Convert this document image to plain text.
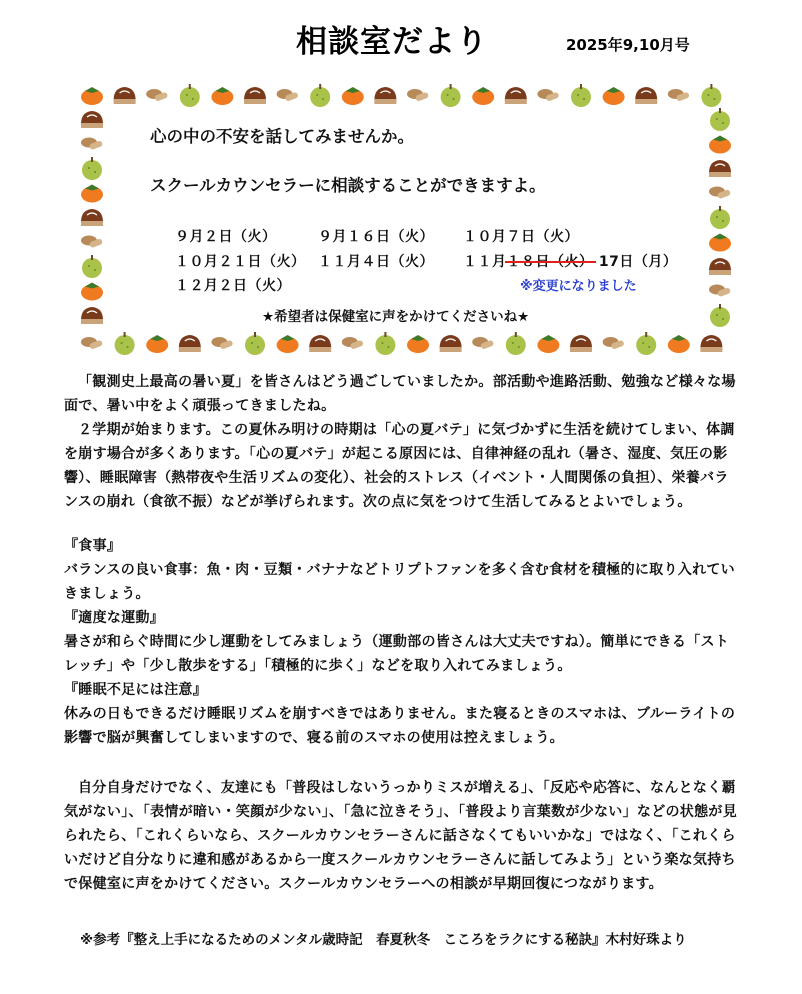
相談室だより	2025年9,10月号
心の中の不安を話してみませんか。
スクールカウンセラーに相談することができますよ。
９月２日（火）	９月１６日（火） １０月７日（火）
１０月２１日（火） １１月４日（火） １１月１８日（火） 17日（月）
１２月２日（火）	※変更になりました
★希望者は保健室に声をかけてくださいね★

「観測史上最高の暑い夏」を皆さんはどう過ごしていましたか。部活動や進路活動、勉強など様々な場面で、暑い中をよく頑張ってきましたね。

２学期が始まります。この夏休み明けの時期は「心の夏バテ」に気づかずに生活を続けてしまい、体調を崩す場合が多くあります。「心の夏バテ」が起こる原因には、自律神経の乱れ（暑さ、湿度、気圧の影響）、睡眠障害（熱帯夜や生活リズムの変化）、社会的ストレス（イベント・人間関係の負担）、栄養バランスの崩れ（食欲不振）などが挙げられます。次の点に気をつけて生活してみるとよいでしょう。

『食事』

バランスの良い食事：魚・肉・豆類・バナナなどトリプトファンを多く含む食材を積極的に取り入れていきましょう。

『適度な運動』

暑さが和らぐ時間に少し運動をしてみましょう（運動部の皆さんは大丈夫ですね）。簡単にできる「ストレッチ」や「少し散歩をする」「積極的に歩く」などを取り入れてみましょう。

『睡眠不足には注意』

休みの日もできるだけ睡眠リズムを崩すべきではありません。また寝るときのスマホは、ブルーライトの影響で脳が興奮してしまいますので、寝る前のスマホの使用は控えましょう。

自分自身だけでなく、友達にも「普段はしないうっかりミスが増える」、「反応や応答に、なんとなく覇気がない」、「表情が暗い・笑顔が少ない」、「急に泣きそう」、「普段より言葉数が少ない」などの状態が見られたら、「これくらいなら、スクールカウンセラーさんに話さなくてもいいかな」ではなく、「これくらいだけど自分なりに違和感があるから一度スクールカウンセラーさんに話してみよう」という楽な気持ちで保健室に声をかけてください。スクールカウンセラーへの相談が早期回復につながります。

※参考『整え上手になるためのメンタル歳時記　春夏秋冬　こころをラクにする秘訣』木村好珠より
